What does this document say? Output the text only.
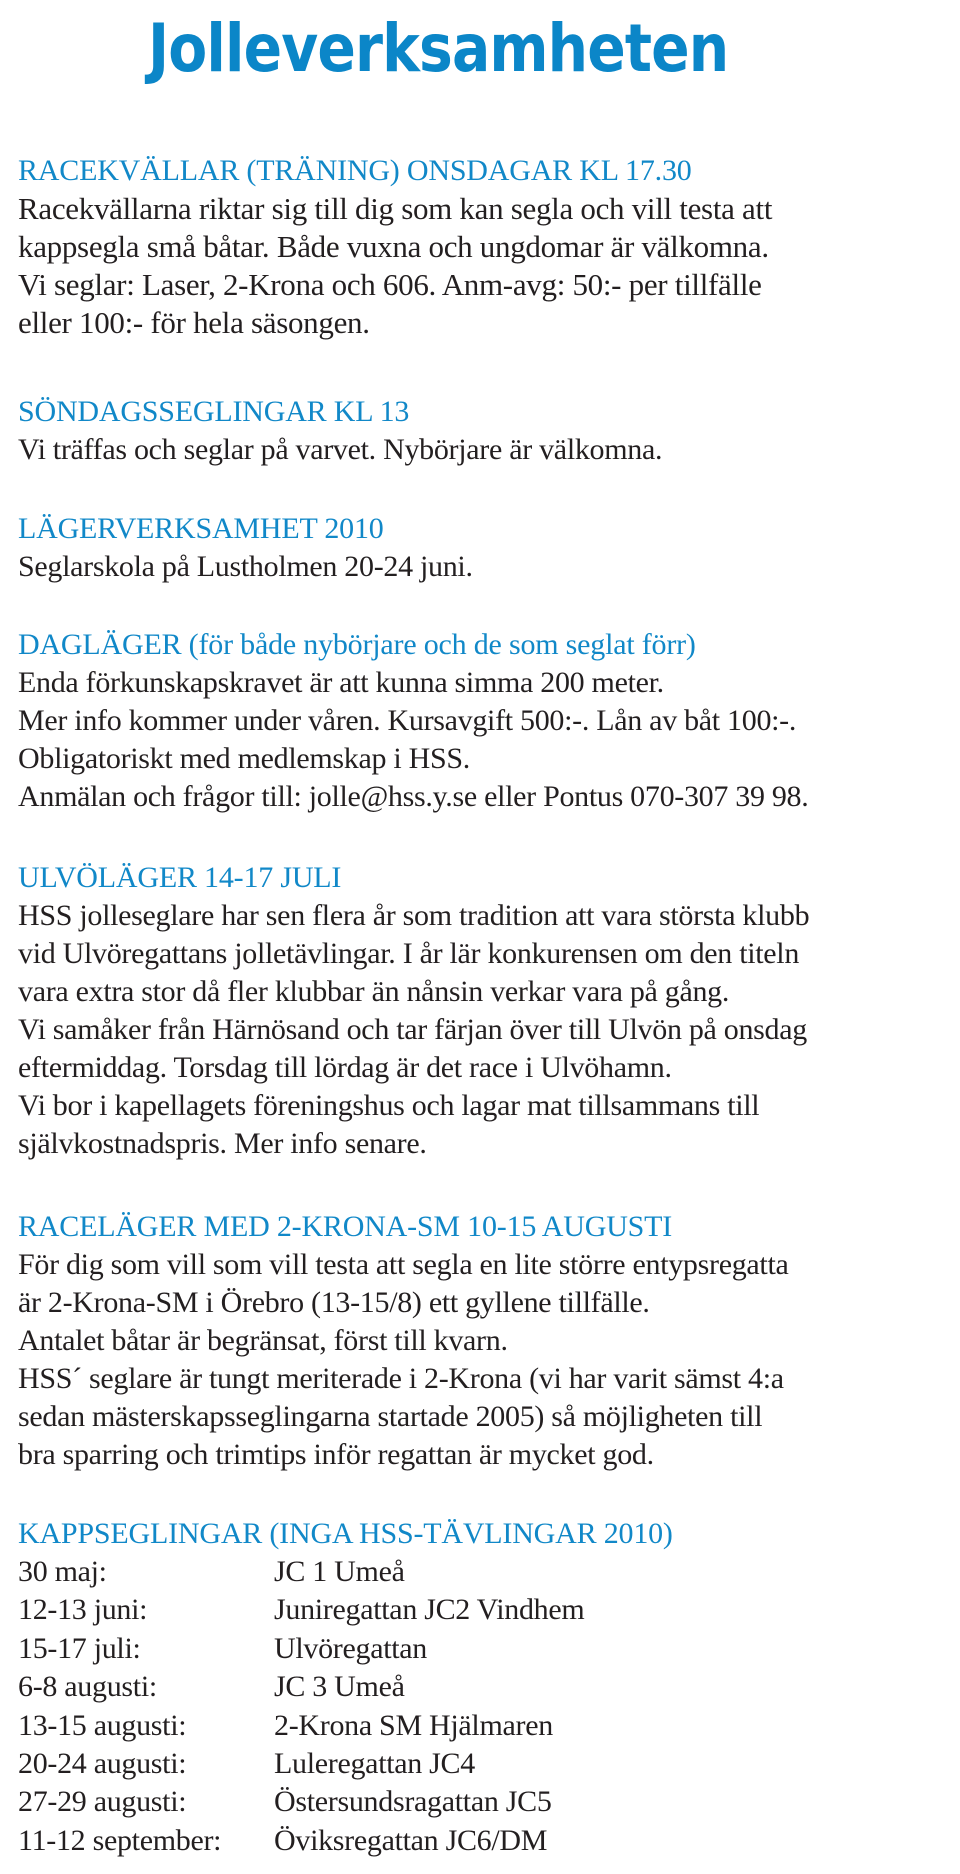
Jolleverksamheten
RACEKVÄLLAR (TRÄNING) ONSDAGAR KL 17.30
Racekvällarna riktar sig till dig som kan segla och vill testa att
kappsegla små båtar. Både vuxna och ungdomar är välkomna.
Vi seglar: Laser, 2-Krona och 606. Anm-avg: 50:- per tillfälle
eller 100:- för hela säsongen.
SÖNDAGSSEGLINGAR KL 13
Vi träffas och seglar på varvet. Nybörjare är välkomna.
LÄGERVERKSAMHET 2010
Seglarskola på Lustholmen 20-24 juni.
DAGLÄGER (för både nybörjare och de som seglat förr)
Enda förkunskapskravet är att kunna simma 200 meter.
Mer info kommer under våren. Kursavgift 500:-. Lån av båt 100:-.
Obligatoriskt med medlemskap i HSS.
Anmälan och frågor till: jolle@hss.y.se eller Pontus 070-307 39 98.
ULVÖLÄGER 14-17 JULI
HSS jolleseglare har sen flera år som tradition att vara största klubb
vid Ulvöregattans jolletävlingar. I år lär konkurensen om den titeln
vara extra stor då fler klubbar än nånsin verkar vara på gång.
Vi samåker från Härnösand och tar färjan över till Ulvön på onsdag
eftermiddag. Torsdag till lördag är det race i Ulvöhamn.
Vi bor i kapellagets föreningshus och lagar mat tillsammans till
självkostnadspris. Mer info senare.
RACELÄGER MED 2-KRONA-SM 10-15 AUGUSTI
För dig som vill som vill testa att segla en lite större entypsregatta
är 2-Krona-SM i Örebro (13-15/8) ett gyllene tillfälle.
Antalet båtar är begränsat, först till kvarn.
HSS´ seglare är tungt meriterade i 2-Krona (vi har varit sämst 4:a
sedan mästerskapsseglingarna startade 2005) så möjligheten till
bra sparring och trimtips inför regattan är mycket god.
KAPPSEGLINGAR (INGA HSS-TÄVLINGAR 2010)
30 maj:	JC 1 Umeå
12-13 juni:	Juniregattan JC2 Vindhem
15-17 juli:	Ulvöregattan
6-8 augusti:	JC 3 Umeå
13-15 augusti:	2-Krona SM Hjälmaren
20-24 augusti:	Luleregattan JC4
27-29 augusti:	Östersundsragattan JC5
11-12 september:	Öviksregattan JC6/DM
